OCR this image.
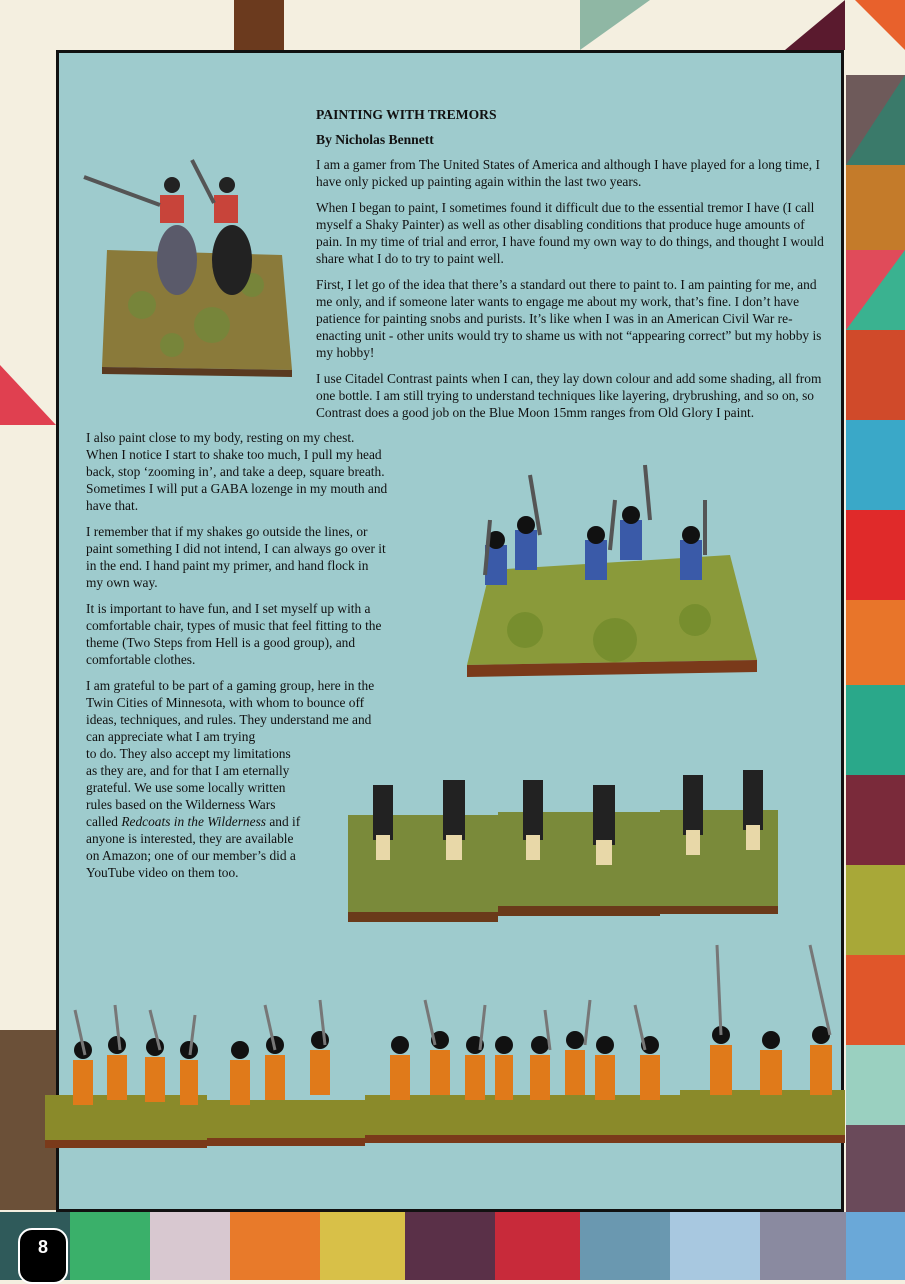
PAINTING WITH TREMORS
By Nicholas Bennett

I am a gamer from The United States of America and although I have played for a long time, I have only picked up painting again within the last two years.

When I began to paint, I sometimes found it difficult due to the essential tremor I have (I call myself a Shaky Painter) as well as other disabling conditions that produce huge amounts of pain. In my time of trial and error, I have found my own way to do things, and thought I would share what I do to try to paint well.

First, I let go of the idea that there’s a standard out there to paint to. I am painting for me, and me only, and if someone later wants to engage me about my work, that’s fine. I don’t have patience for painting snobs and purists. It’s like when I was in an American Civil War re-enacting unit - other units would try to shame us with not “appearing correct” but my hobby is my hobby!

I use Citadel Contrast paints when I can, they lay down colour and add some shading, all from one bottle. I am still trying to understand techniques like layering, drybrushing, and so on, so Contrast does a good job on the Blue Moon 15mm ranges from Old Glory I paint.

I also paint close to my body, resting on my chest. When I notice I start to shake too much, I pull my head back, stop ‘zooming in’, and take a deep, square breath. Sometimes I will put a GABA lozenge in my mouth and have that.

I remember that if my shakes go outside the lines, or paint something I did not intend, I can always go over it in the end. I hand paint my primer, and hand flock in my own way.

It is important to have fun, and I set myself up with a comfortable chair, types of music that feel fitting to the theme (Two Steps from Hell is a good group), and comfortable clothes.

I am grateful to be part of a gaming group, here in the Twin Cities of Minnesota, with whom to bounce off ideas, techniques, and rules. They understand me and can appreciate what I am trying

to do. They also accept my limitations as they are, and for that I am eternally grateful. We use some locally written rules based on the Wilderness Wars called Redcoats in the Wilderness and if anyone is interested, they are available on Amazon; one of our member’s did a YouTube video on them too.
8
